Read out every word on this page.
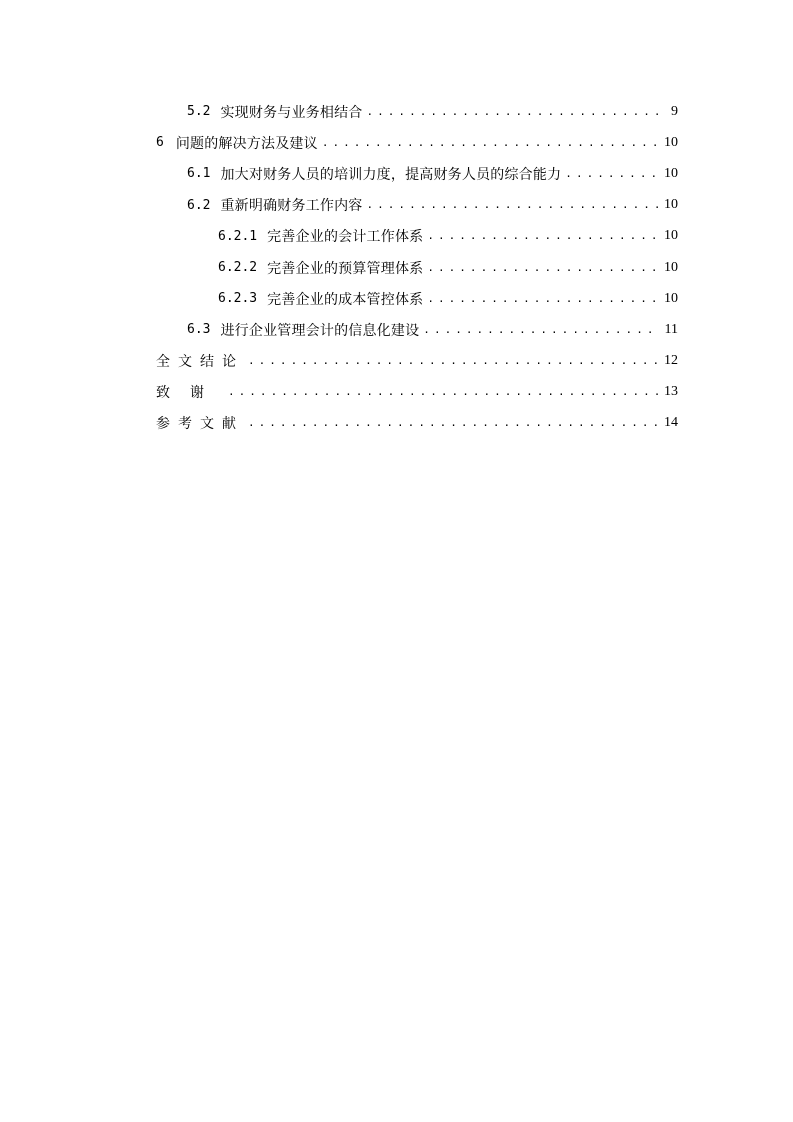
5.2 实现财务与业务相结合 . . .	9
6 问题的解决方法及建议 . . .	10
6.1 加大对财务人员的培训力度，提高财务人员的综合能力 . . .	10
6.2 重新明确财务工作内容 . . .	10
6.2.1 完善企业的会计工作体系 . . .	10
6.2.2 完善企业的预算管理体系 . . .	10
6.2.3 完善企业的成本管控体系 . . .	10
6.3 进行企业管理会计的信息化建设 . . .	11
全文结论 . . .	12
致谢 . . .	13
参考文献 . . .	14
